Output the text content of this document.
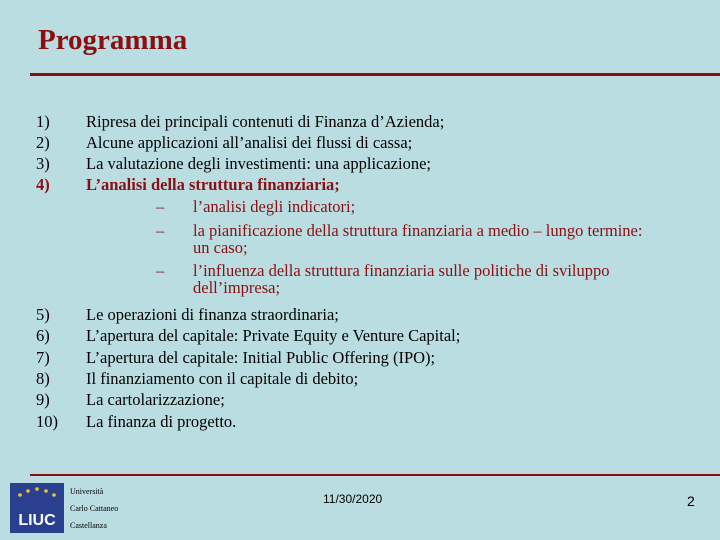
Programma
1) Ripresa dei principali contenuti di Finanza d’Azienda;
2) Alcune applicazioni all’analisi dei flussi di cassa;
3) La valutazione degli investimenti: una applicazione;
4) L’analisi della struttura finanziaria;
– l’analisi degli indicatori;
– la pianificazione della struttura finanziaria a medio – lungo termine:
un caso;
– l’influenza della struttura finanziaria sulle politiche di sviluppo
dell’impresa;
5) Le operazioni di finanza straordinaria;
6) L’apertura del capitale: Private Equity e Venture Capital;
7) L’apertura del capitale: Initial Public Offering (IPO);
8) Il finanziamento con il capitale di debito;
9) La cartolarizzazione;
10) La finanza di progetto.
LIUC
Università
Carlo Cattaneo
Castellanza
11/30/2020	2
